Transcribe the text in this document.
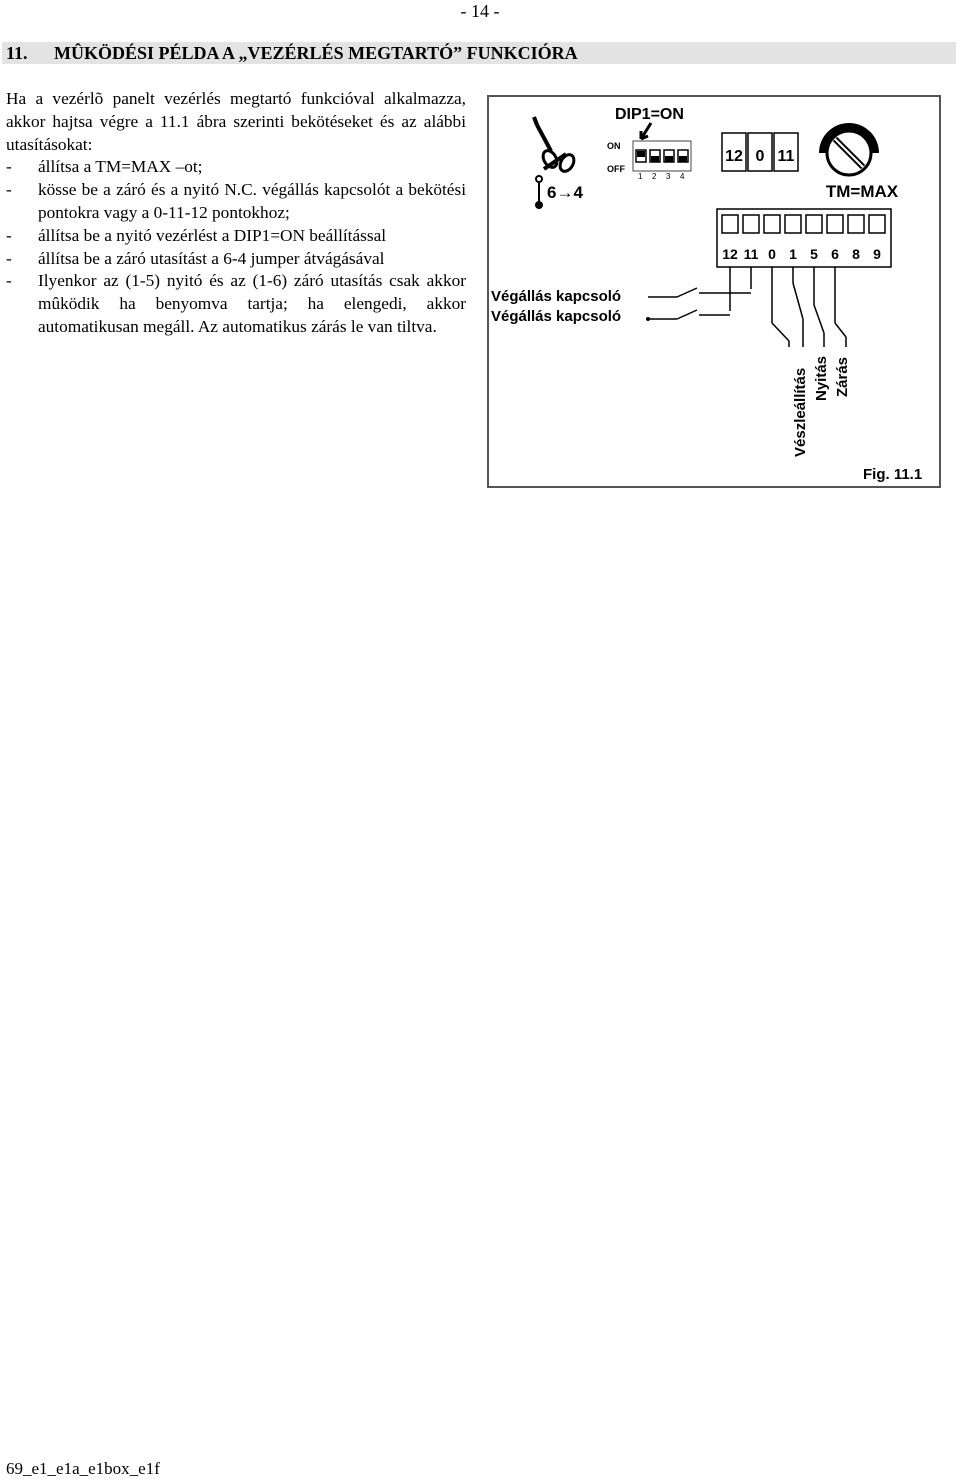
- 14 -
11. MÛKÖDÉSI PÉLDA A „VEZÉRLÉS MEGTARTÓ” FUNKCIÓRA

Ha a vezérlõ panelt vezérlés megtartó funkcióval alkalmazza, akkor hajtsa végre a 11.1 ábra szerinti bekötéseket és az alábbi utasításokat:

- állítsa a TM=MAX –ot;
- kösse be a záró és a nyitó N.C. végállás kapcsolót a bekötési pontokra vagy a 0-11-12 pontokhoz;
- állítsa be a nyitó vezérlést a DIP1=ON beállítással
- állítsa be a záró utasítást a 6-4 jumper átvágásával
- Ilyenkor az (1-5) nyitó és az (1-6) záró utasítás csak akkor mûködik ha benyomva tartja; ha elengedi, akkor automatikusan megáll. Az automatikus zárás le van tiltva.
6→4
DIP1=ON
ON
OFF
1 2 3 4
12 0 11
TM=MAX
12 11 0 1 5 6 8 9
Végállás kapcsoló
Végállás kapcsoló
Vészleállítás Nyitás Zárás
Fig. 11.1
69_e1_e1a_e1box_e1f
